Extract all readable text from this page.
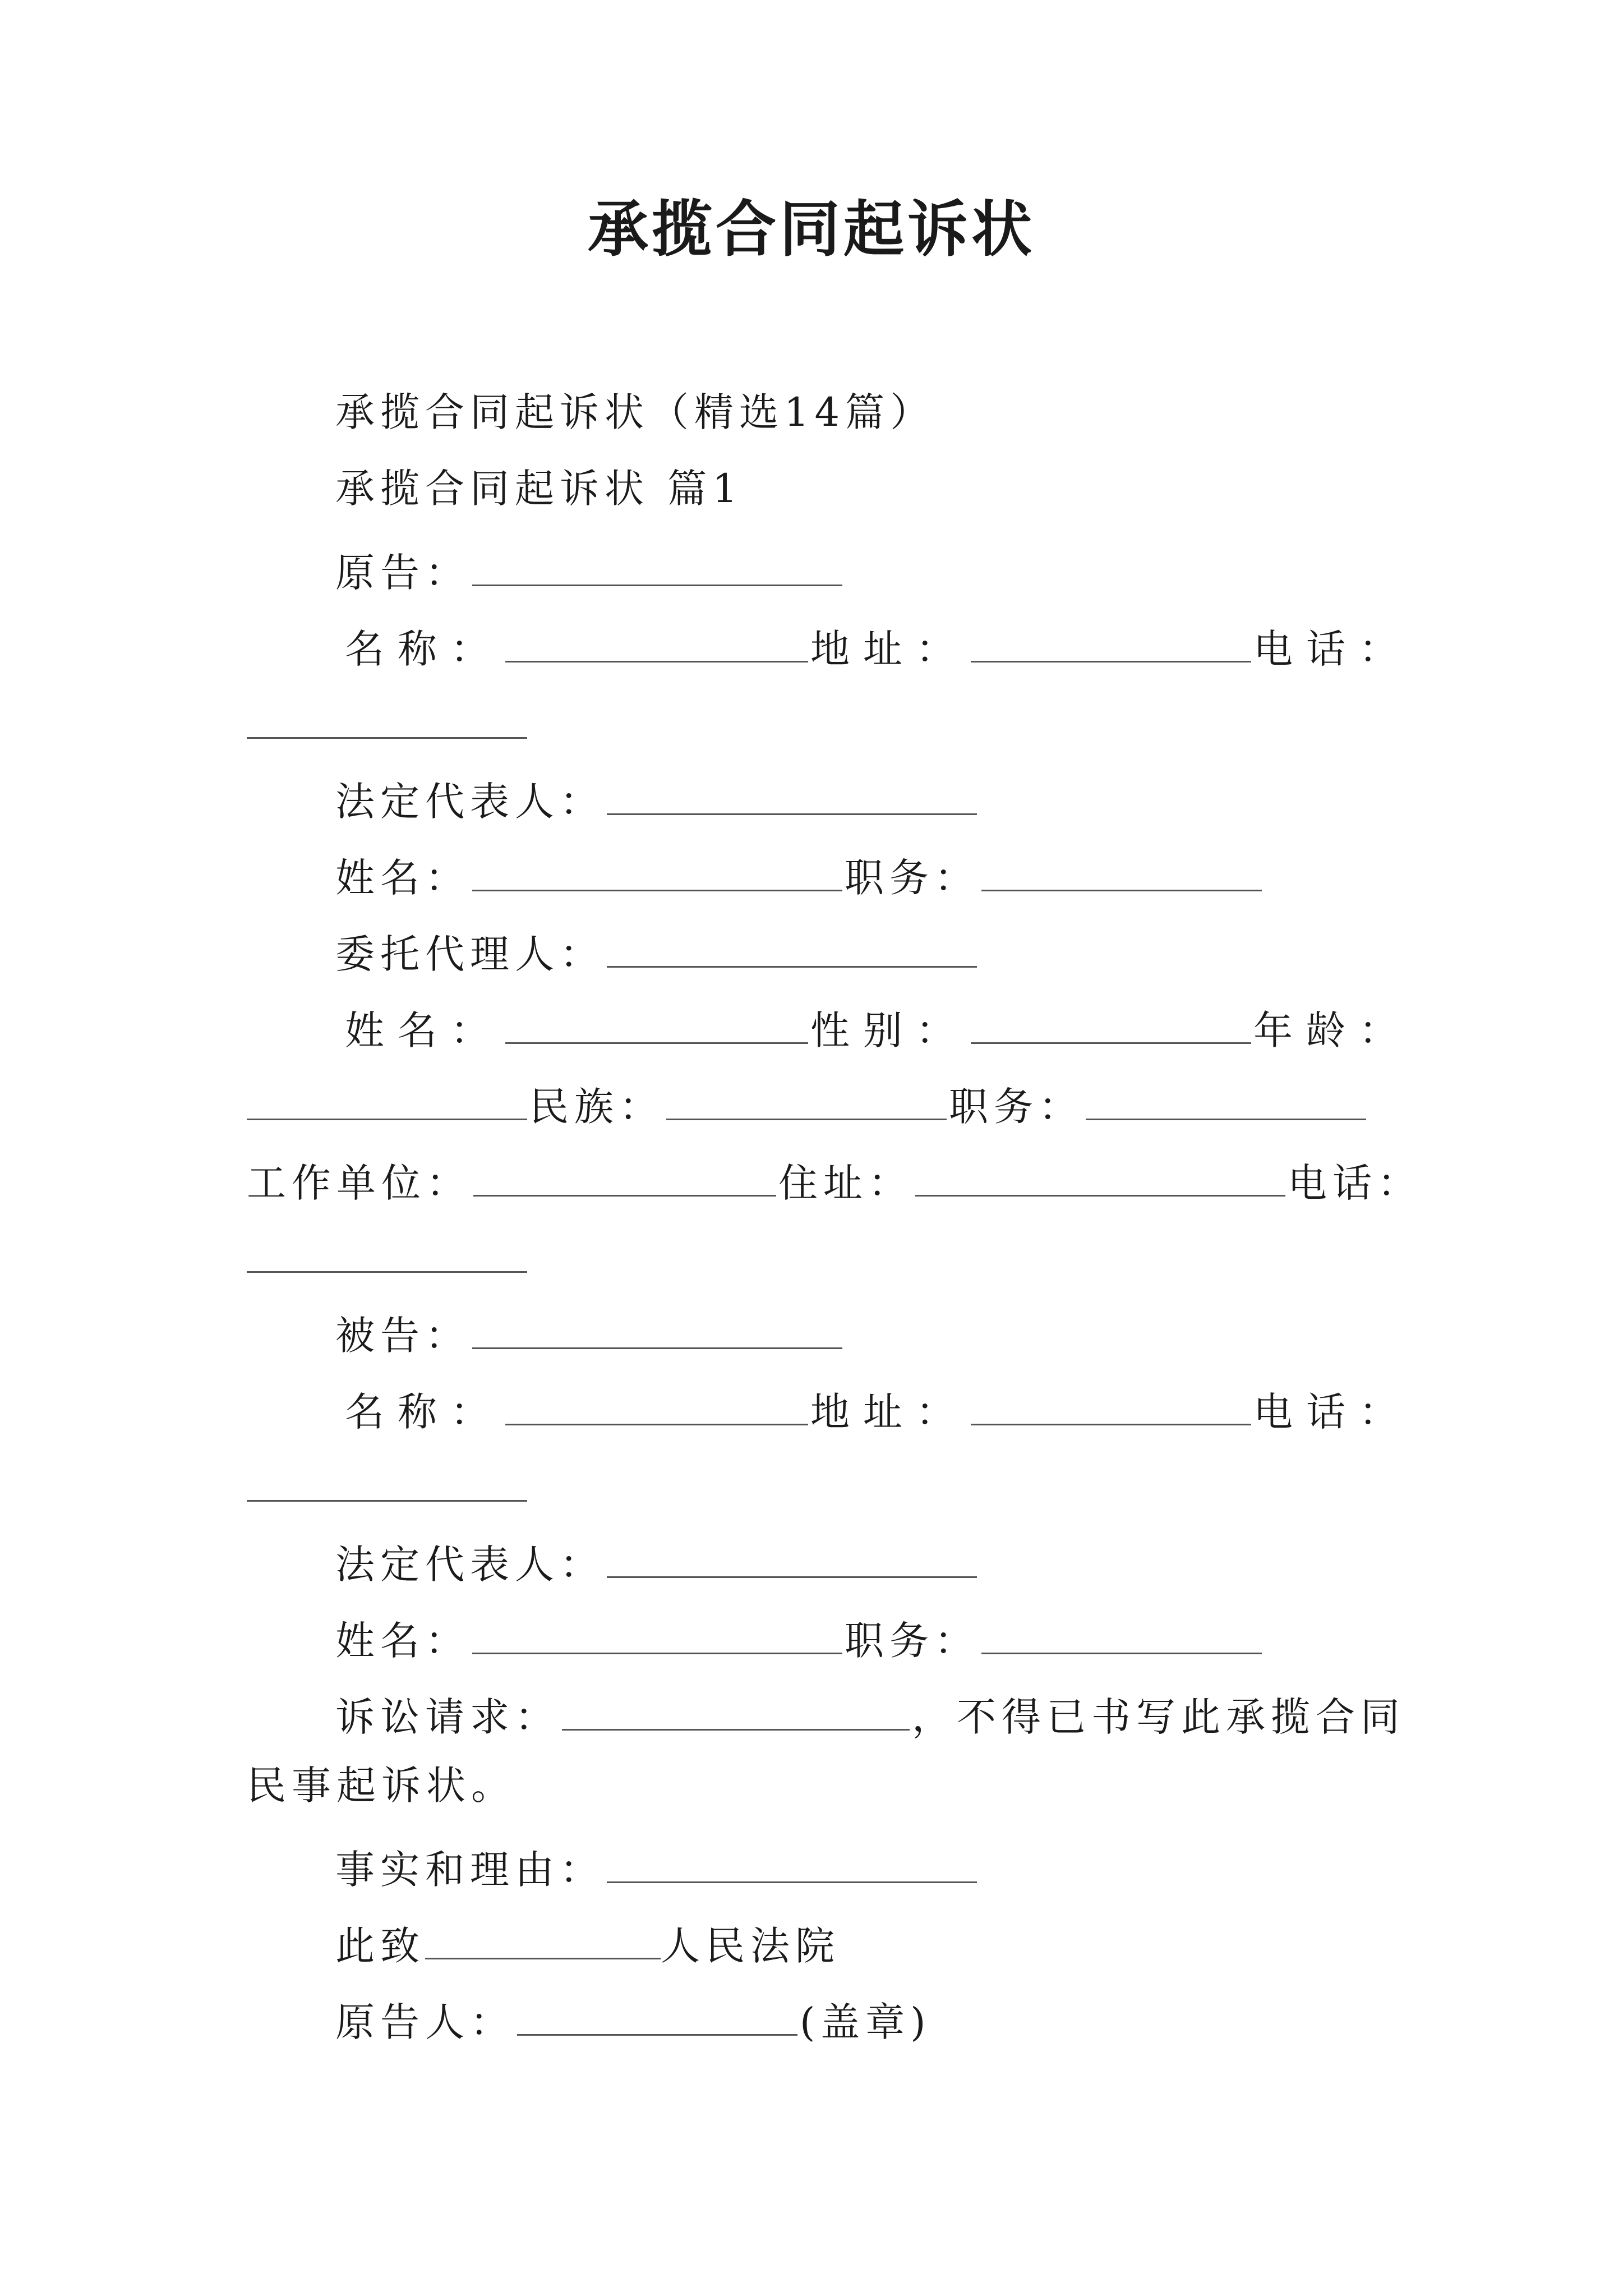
承揽合同起诉状
承揽合同起诉状（精选14篇）
承揽合同起诉状 篇1
原告：
名称：	地址：	电话：
法定代表人：
姓名：	职务：
委托代理人：
姓名：	性别：	年龄：
民族：	职务：
工作单位：	住址：	电话：
被告：
名称：	地址：	电话：
法定代表人：
姓名：	职务：
诉讼请求：	，不得已书写此承揽合同
民事起诉状。
事实和理由：
此致	人民法院
原告人：	(盖章)
